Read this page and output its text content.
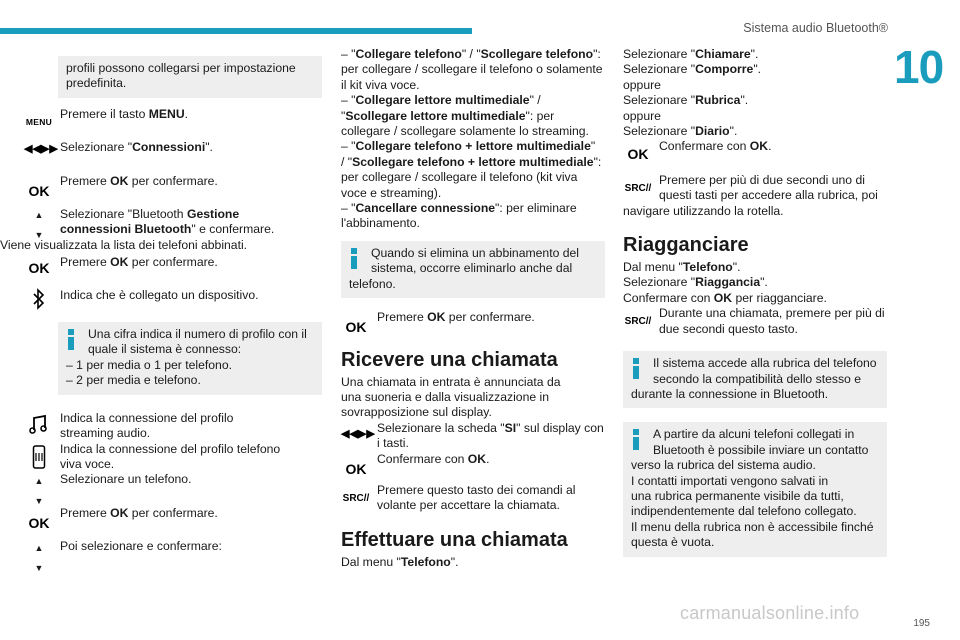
Sistema audio Bluetooth®
10
profili possono collegarsi per impostazione
predefinita.
MENU
Premere il tasto MENU.
◀◀▶▶ Selezionare "Connessioni".
OK
Premere OK per confermare.
▲

▼
Selezionare "Bluetooth Gestione
connessioni Bluetooth" e confermare.
Viene visualizzata la lista dei telefoni abbinati.
OK Premere OK per confermare.
Indica che è collegato un dispositivo.
Una cifra indica il numero di profilo con il
quale il sistema è connesso:
– 1 per media o 1 per telefono.
– 2 per media e telefono.
Indica la connessione del profilo
streaming audio.
Indica la connessione del profilo telefono
viva voce.
▲

▼
Selezionare un telefono.
OK
Premere OK per confermare.
▲

▼
Poi selezionare e confermare:
– "Collegare telefono" / "Scollegare telefono":
per collegare / scollegare il telefono o solamente
il kit viva voce.
– "Collegare lettore multimediale" /
"Scollegare lettore multimediale": per
collegare / scollegare solamente lo streaming.
– "Collegare telefono + lettore multimediale"
/ "Scollegare telefono + lettore multimediale":
per collegare / scollegare il telefono (kit viva
voce e streaming).
– "Cancellare connessione": per eliminare
l'abbinamento.
Quando si elimina un abbinamento del
sistema, occorre eliminarlo anche dal
telefono.
OK
Premere OK per confermare.
Ricevere una chiamata
Una chiamata in entrata è annunciata da
una suoneria e dalla visualizzazione in
sovrapposizione sul display.
◀◀▶▶ Selezionare la scheda "SI" sul display con
i tasti.
OK
Confermare con OK.
SRC//
Premere questo tasto dei comandi al
volante per accettare la chiamata.
Effettuare una chiamata
Dal menu "Telefono".
Selezionare "Chiamare".
Selezionare "Comporre".
oppure
Selezionare "Rubrica".
oppure
Selezionare "Diario".
OK Confermare con OK.
SRC//
Premere per più di due secondi uno di
questi tasti per accedere alla rubrica, poi
navigare utilizzando la rotella.
Riagganciare
Dal menu "Telefono".
Selezionare "Riaggancia".
Confermare con OK per riagganciare.
SRC//
Durante una chiamata, premere per più di
due secondi questo tasto.
Il sistema accede alla rubrica del telefono
secondo la compatibilità dello stesso e
durante la connessione in Bluetooth.
A partire da alcuni telefoni collegati in
Bluetooth è possibile inviare un contatto
verso la rubrica del sistema audio.
I contatti importati vengono salvati in
una rubrica permanente visibile da tutti,
indipendentemente dal telefono collegato.
Il menu della rubrica non è accessibile finché
questa è vuota.
carmanualsonline.info
195
